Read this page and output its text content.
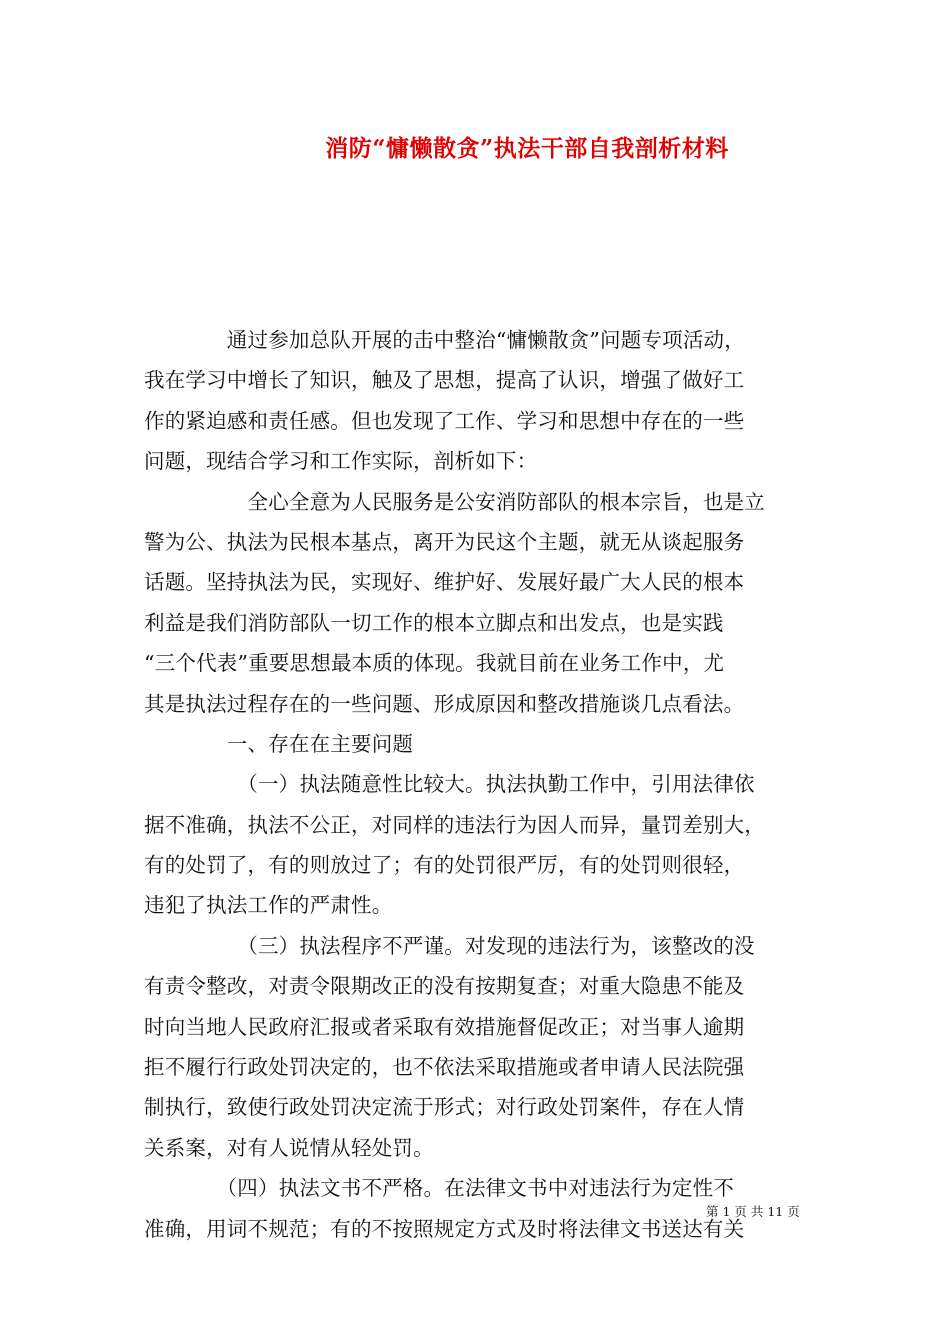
消防“慵懒散贪”执法干部自我剖析材料
　　　　通过参加总队开展的击中整治“慵懒散贪”问题专项活动，
我在学习中增长了知识，触及了思想，提高了认识，增强了做好工
作的紧迫感和责任感。但也发现了工作、学习和思想中存在的一些
问题，现结合学习和工作实际，剖析如下：
　　　　　全心全意为人民服务是公安消防部队的根本宗旨，也是立
警为公、执法为民根本基点，离开为民这个主题，就无从谈起服务
话题。坚持执法为民，实现好、维护好、发展好最广大人民的根本
利益是我们消防部队一切工作的根本立脚点和出发点，也是实践
“三个代表”重要思想最本质的体现。我就目前在业务工作中，尤
其是执法过程存在的一些问题、形成原因和整改措施谈几点看法。
　　　　一、存在在主要问题
　　　　　（一）执法随意性比较大。执法执勤工作中，引用法律依
据不准确，执法不公正，对同样的违法行为因人而异，量罚差别大，
有的处罚了，有的则放过了；有的处罚很严厉，有的处罚则很轻，
违犯了执法工作的严肃性。
　　　　　（三）执法程序不严谨。对发现的违法行为，该整改的没
有责令整改，对责令限期改正的没有按期复查；对重大隐患不能及
时向当地人民政府汇报或者采取有效措施督促改正；对当事人逾期
拒不履行行政处罚决定的，也不依法采取措施或者申请人民法院强
制执行，致使行政处罚决定流于形式；对行政处罚案件，存在人情
关系案，对有人说情从轻处罚。
　　　　（四）执法文书不严格。在法律文书中对违法行为定性不
准确，用词不规范；有的不按照规定方式及时将法律文书送达有关
第 1 页 共 11 页
